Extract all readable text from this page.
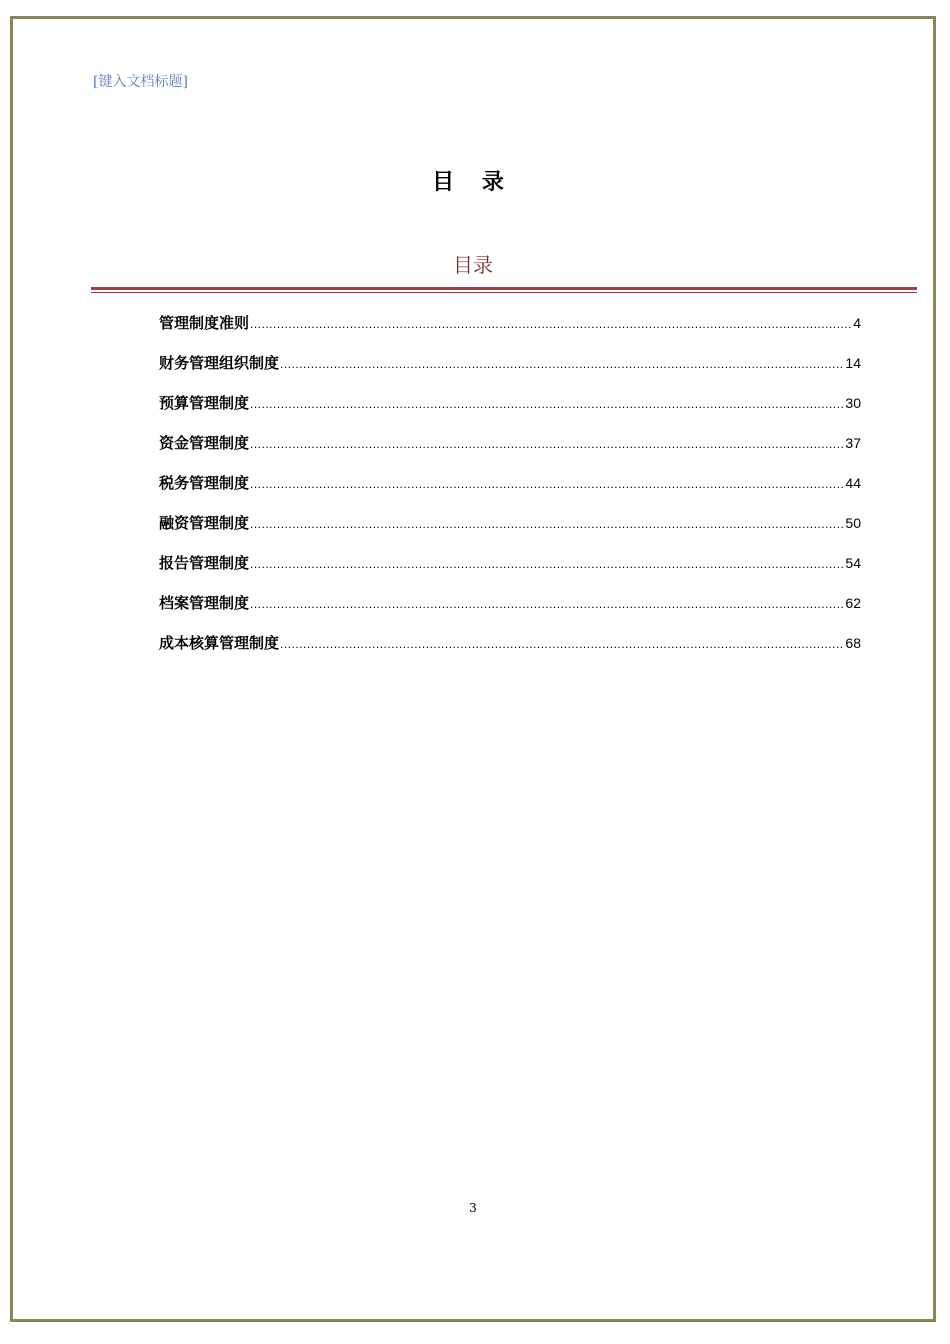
[键入文档标题]
目 录
目录
管理制度准则 .....	4
财务管理组织制度 .....	14
预算管理制度 .....	30
资金管理制度 .....	37
税务管理制度 .....	44
融资管理制度 .....	50
报告管理制度 .....	54
档案管理制度 .....	62
成本核算管理制度 .....	68
3
